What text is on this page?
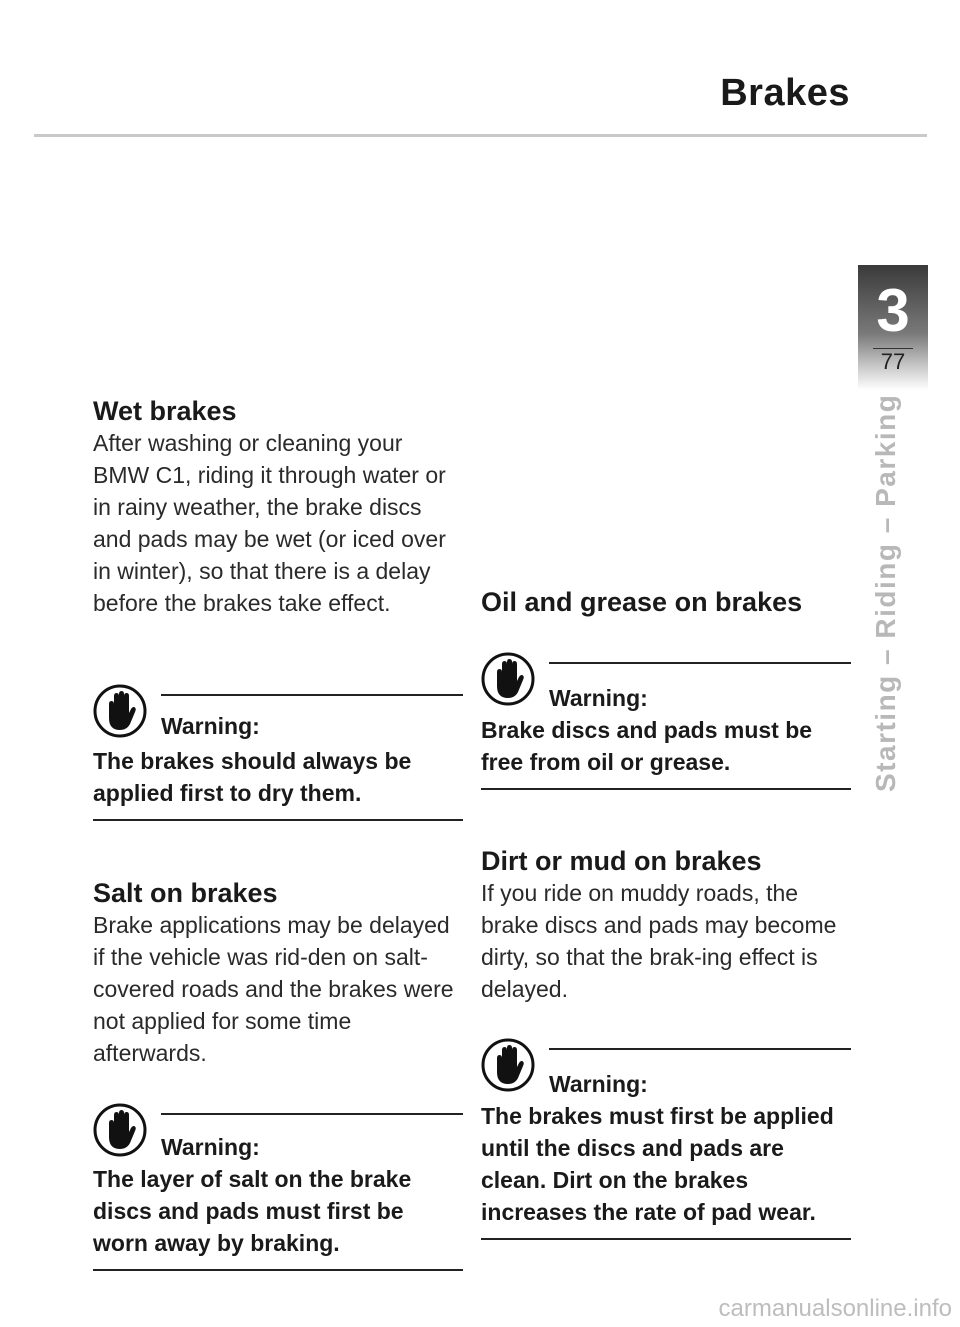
Brakes
3
77
Starting – Riding – Parking
Wet brakes

After washing or cleaning your BMW C1, riding it through water or in rainy weather, the brake discs and pads may be wet (or iced over in winter), so that there is a delay before the brakes take effect.

Warning:
The brakes should always be applied first to dry them.
Salt on brakes

Brake applications may be delayed if the vehicle was rid-den on salt-covered roads and the brakes were not applied for some time afterwards.

Warning:
The layer of salt on the brake discs and pads must first be worn away by braking.
Oil and grease on brakes
Warning:
Brake discs and pads must be free from oil or grease.
Dirt or mud on brakes

If you ride on muddy roads, the brake discs and pads may become dirty, so that the brak-ing effect is delayed.

Warning:
The brakes must first be applied until the discs and pads are clean. Dirt on the brakes increases the rate of pad wear.
carmanualsonline.info
